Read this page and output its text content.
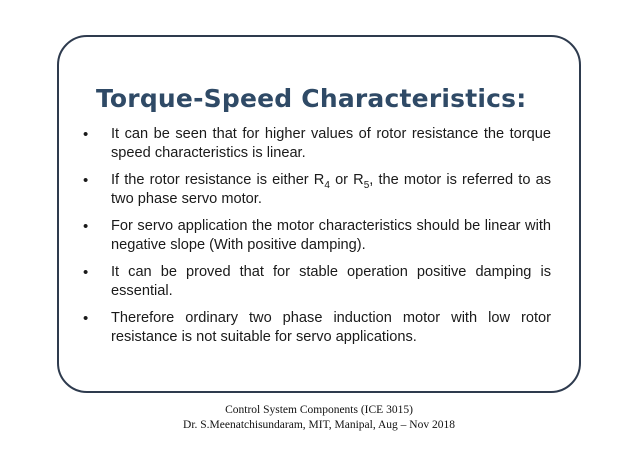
Torque-Speed Characteristics:
•	It can be seen that for higher values of rotor resistance the torque speed characteristics is linear.
•	If the rotor resistance is either $R_4$ or $R_5$, the motor is referred to as two phase servo motor.
•	For servo application the motor characteristics should be linear with negative slope (With positive damping).
•	It can be proved that for stable operation positive damping is essential.
•	Therefore ordinary two phase induction motor with low rotor resistance is not suitable for servo applications.
Control System Components (ICE 3015)
Dr. S.Meenatchisundaram, MIT, Manipal, Aug – Nov 2018
